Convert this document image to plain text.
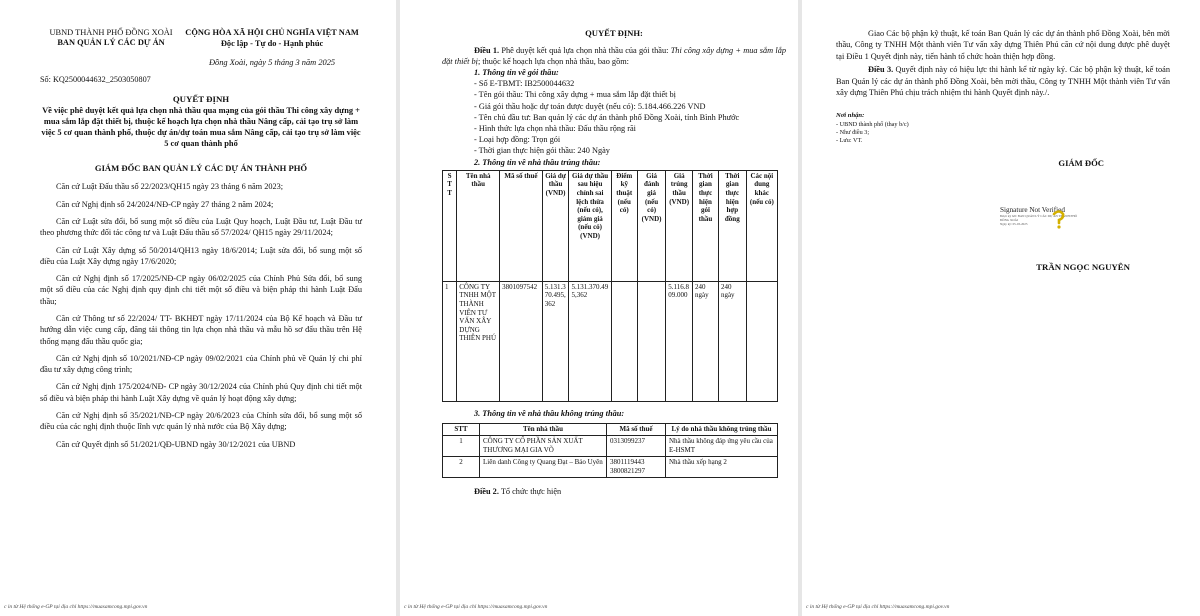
UBND THÀNH PHỐ ĐỒNG XOÀI
BAN QUẢN LÝ CÁC DỰ ÁN
CỘNG HÒA XÃ HỘI CHỦ NGHĨA VIỆT NAM
Độc lập - Tự do - Hạnh phúc
Đồng Xoài, ngày 5 tháng 3 năm 2025
Số: KQ2500044632_2503050807
QUYẾT ĐỊNH
Về việc phê duyệt kết quả lựa chọn nhà thầu qua mạng của gói thầu Thi công xây dựng + mua sắm lắp đặt thiết bị, thuộc kế hoạch lựa chọn nhà thầu Nâng cấp, cải tạo trụ sở làm việc 5 cơ quan thành phố, thuộc dự án/dự toán mua sắm Nâng cấp, cải tạo trụ sở làm việc 5 cơ quan thành phố
GIÁM ĐỐC BAN QUẢN LÝ CÁC DỰ ÁN THÀNH PHỐ

Căn cứ Luật Đấu thầu số 22/2023/QH15 ngày 23 tháng 6 năm 2023;

Căn cứ Nghị định số 24/2024/NĐ-CP ngày 27 tháng 2 năm 2024;

Căn cứ Luật sửa đổi, bổ sung một số điều của Luật Quy hoạch, Luật Đầu tư, Luật Đầu tư theo phương thức đối tác công tư và Luật Đấu thầu số 57/2024/ QH15 ngày 29/11/2024;

Căn cứ Luật Xây dựng số 50/2014/QH13 ngày 18/6/2014; Luật sửa đổi, bổ sung một số điều của Luật Xây dựng ngày 17/6/2020;

Căn cứ Nghị định số 17/2025/NĐ-CP ngày 06/02/2025 của Chính Phủ Sửa đổi, bổ sung một số điều của các Nghị định quy định chi tiết một số điều và biện pháp thi hành Luật Đấu thầu;

Căn cứ Thông tư số 22/2024/ TT- BKHĐT ngày 17/11/2024 của Bộ Kế hoạch và Đầu tư hướng dẫn việc cung cấp, đăng tải thông tin lựa chọn nhà thầu và mẫu hồ sơ đấu thầu trên Hệ thống mạng đấu thầu quốc gia;

Căn cứ Nghị định số 10/2021/NĐ-CP ngày 09/02/2021 của Chính phủ về Quản lý chi phí đầu tư xây dựng công trình;

Căn cứ Nghị định 175/2024/NĐ- CP ngày 30/12/2024 của Chính phủ Quy định chi tiết một số điều và biện pháp thi hành Luật Xây dựng về quản lý hoạt động xây dựng;

Căn cứ Nghị định số 35/2021/NĐ-CP ngày 20/6/2023 của Chính sửa đổi, bổ sung một số điều của các nghị định thuộc lĩnh vực quản lý nhà nước của Bộ Xây dựng;

Căn cứ Quyết định số 51/2021/QĐ-UBND ngày 30/12/2021 của UBND

c in từ Hệ thống e-GP tại địa chỉ https://muasamcong.mpi.gov.vn
QUYẾT ĐỊNH:

Điều 1. Phê duyệt kết quả lựa chọn nhà thầu của gói thầu: Thi công xây dựng + mua sắm lắp đặt thiết bị; thuộc kế hoạch lựa chọn nhà thầu, bao gồm:

1. Thông tin về gói thầu:
- Số E-TBMT: IB2500044632
- Tên gói thầu: Thi công xây dựng + mua sắm lắp đặt thiết bị
- Giá gói thầu hoặc dự toán được duyệt (nếu có): 5.184.466.226 VND
- Tên chủ đầu tư: Ban quản lý các dự án thành phố Đồng Xoài, tỉnh Bình Phước
- Hình thức lựa chọn nhà thầu: Đấu thầu rộng rãi
- Loại hợp đồng: Trọn gói
- Thời gian thực hiện gói thầu: 240 Ngày
2. Thông tin về nhà thầu trúng thầu:
S T T	Tên nhà thầu	Mã số thuế	Giá dự thầu (VND)	Giá dự thầu sau hiệu chỉnh sai lệch thừa (nếu có), giảm giá (nếu có) (VND)	Điểm kỹ thuật (nếu có)	Giá đánh giá (nếu có) (VND)	Giá trúng thầu (VND)	Thời gian thực hiện gói thầu	Thời gian thực hiện hợp đồng	Các nội dung khác (nếu có)
1	CÔNG TY TNHH MỘT THÀNH VIÊN TƯ VẤN XÂY DỰNG THIÊN PHÚ	3801097542	5.131.370.495,362	5.131.370.495,362			5.116.809.000	240 ngày	240 ngày	
3. Thông tin về nhà thầu không trúng thầu:
STT	Tên nhà thầu	Mã số thuế	Lý do nhà thầu không trúng thầu
1	CÔNG TY CỔ PHẦN SẢN XUẤT THƯƠNG MẠI GIA VÕ	0313099237	Nhà thầu không đáp ứng yêu cầu của E-HSMT
2	Liên danh Công ty Quang Đạt – Bảo Uyên	3801119443 3800821297	Nhà thầu xếp hạng 2

Điều 2. Tổ chức thực hiện

c in từ Hệ thống e-GP tại địa chỉ https://muasamcong.mpi.gov.vn

Giao Các bộ phận kỹ thuật, kế toán Ban Quản lý các dự án thành phố Đồng Xoài, bên mời thầu, Công ty TNHH Một thành viên Tư vấn xây dựng Thiên Phú căn cứ nội dung được phê duyệt tại Điều 1 Quyết định này, tiến hành tổ chức hoàn thiện hợp đồng.

Điều 3. Quyết định này có hiệu lực thi hành kể từ ngày ký. Các bộ phận kỹ thuật, kế toán Ban Quản lý các dự án thành phố Đồng Xoài, bên mời thầu, Công ty TNHH Một thành viên Tư vấn xây dựng Thiên Phú chịu trách nhiệm thi hành Quyết định này./.

Nơi nhận:
- UBND thành phố (thay b/c)
- Như điều 3;
- Lưu: VT.
GIÁM ĐỐC
Signature Not Verified
Được ký bởi: BAN QUẢN LÝ CÁC DỰ ÁN THÀNH PHỐ
ĐỒNG XOÀI
Ngày ký: 05-03-2025
TRẦN NGỌC NGUYÊN
c in từ Hệ thống e-GP tại địa chỉ https://muasamcong.mpi.gov.vn
